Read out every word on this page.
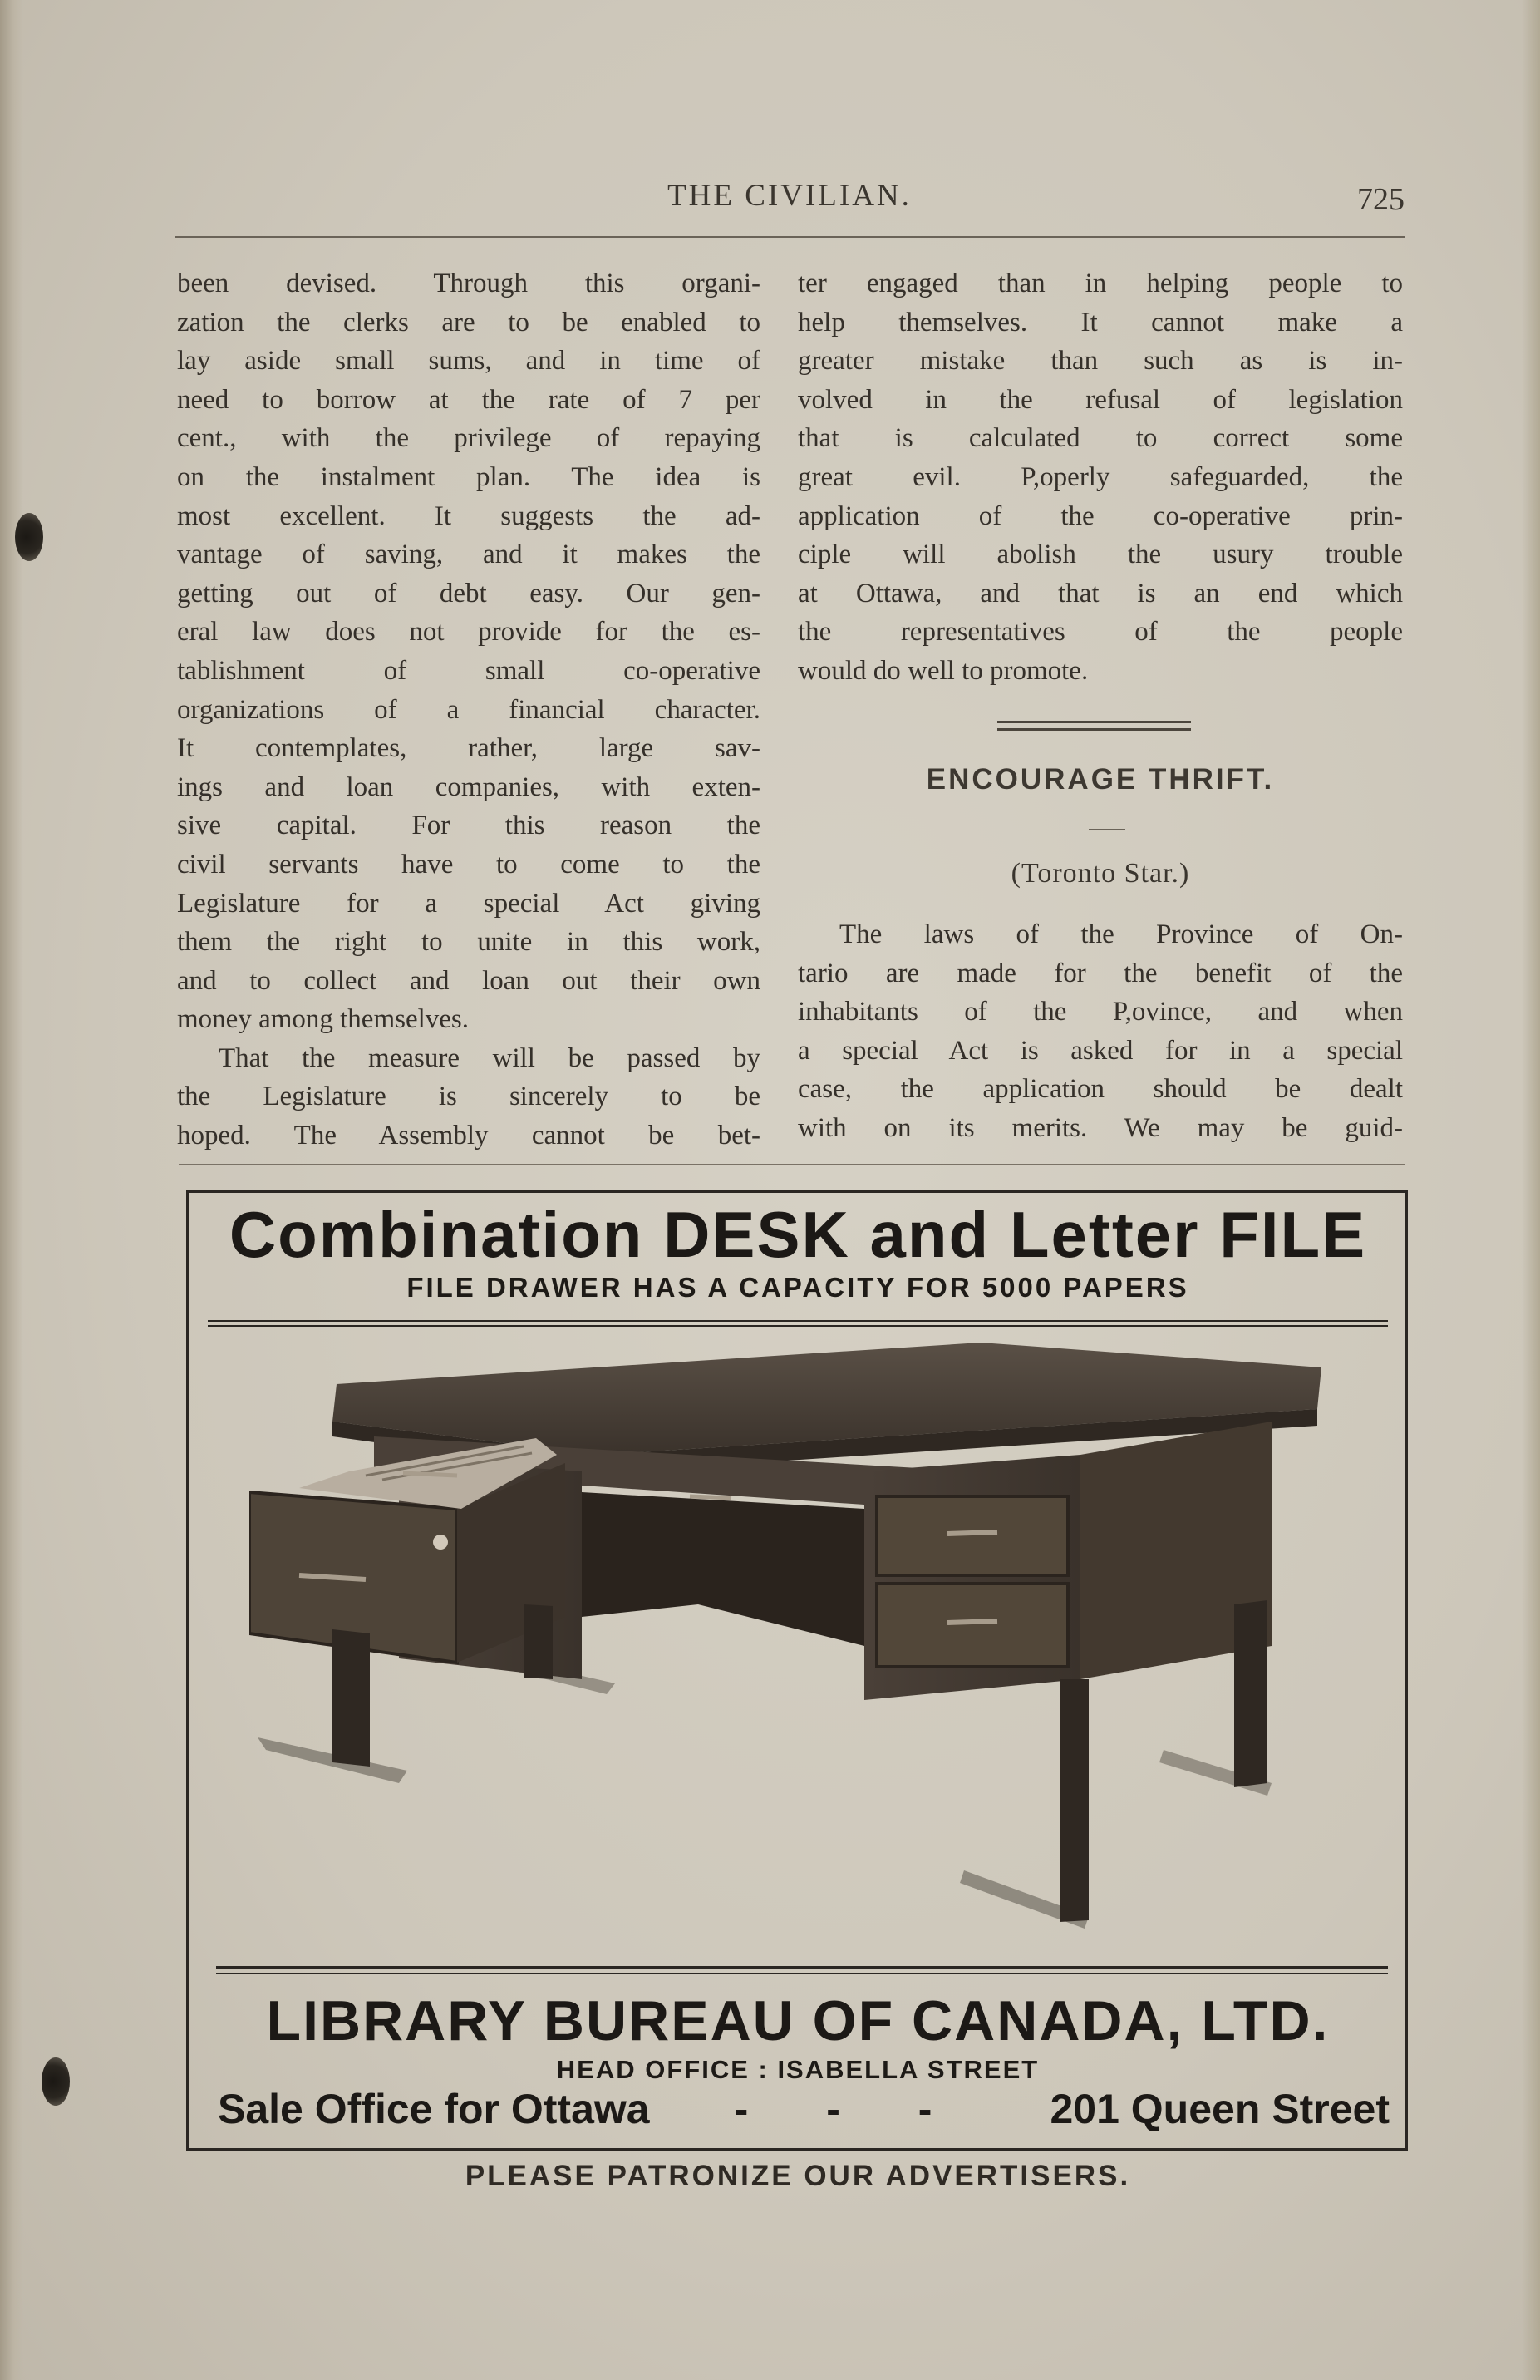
THE CIVILIAN.	725
been devised. Through this organi-
zation the clerks are to be enabled to
lay aside small sums, and in time of
need to borrow at the rate of 7 per
cent., with the privilege of repaying
on the instalment plan. The idea is
most excellent. It suggests the ad-
vantage of saving, and it makes the
getting out of debt easy. Our gen-
eral law does not provide for the es-
tablishment of small co-operative
organizations of a financial character.
It contemplates, rather, large sav-
ings and loan companies, with exten-
sive capital. For this reason the
civil servants have to come to the
Legislature for a special Act giving
them the right to unite in this work,
and to collect and loan out their own
money among themselves.
That the measure will be passed by
the Legislature is sincerely to be
hoped. The Assembly cannot be bet-
ter engaged than in helping people to
help themselves. It cannot make a
greater mistake than such as is in-
volved in the refusal of legislation
that is calculated to correct some
great evil. P,operly safeguarded, the
application of the co-operative prin-
ciple will abolish the usury trouble
at Ottawa, and that is an end which
the representatives of the people
would do well to promote.
ENCOURAGE THRIFT.
(Toronto Star.)
The laws of the Province of On-
tario are made for the benefit of the
inhabitants of the P,ovince, and when
a special Act is asked for in a special
case, the application should be dealt
with on its merits. We may be guid-
Combination DESK and Letter FILE
FILE DRAWER HAS A CAPACITY FOR 5000 PAPERS
LIBRARY BUREAU OF CANADA, LTD.
HEAD OFFICE : ISABELLA STREET
Sale Office for Ottawa - - - 201 Queen Street
PLEASE PATRONIZE OUR ADVERTISERS.
